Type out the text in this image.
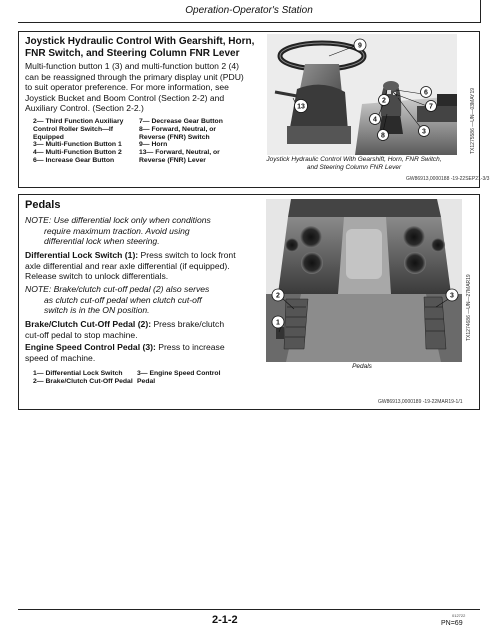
Operation-Operator's Station
Joystick Hydraulic Control With Gearshift, Horn,
FNR Switch, and Steering Column FNR Lever
Multi-function button 1 (3) and multi-function button 2 (4)
can be reassigned through the primary display unit (PDU)
to suit operator preference. For more information, see
Joystick Bucket and Boom Control (Section 2-2) and
Auxiliary Control. (Section 2-2.)
2— Third Function Auxiliary
Control Roller Switch—If
Equipped
3— Multi-Function Button 1
4— Multi-Function Button 2
6— Increase Gear Button
7— Decrease Gear Button
8— Forward, Neutral, or
Reverse (FNR) Switch
9— Horn
13— Forward, Neutral, or
Reverse (FNR) Lever
9
2
6
13	7
4
3
8	TX1275586 —UN—03MAY19
Joystick Hydraulic Control With Gearshift, Horn, FNR Switch,
and Steering Column FNR Lever
GW86913,0000188 -19-22SEP21-3/3
Pedals
NOTE: Use differential lock only when conditions
require maximum traction. Avoid using
differential lock when steering.
Differential Lock Switch (1): Press switch to lock front
axle differential and rear axle differential (if equipped).
Release switch to unlock differentials.
NOTE: Brake/clutch cut-off pedal (2) also serves
as clutch cut-off pedal when clutch cut-off
switch is in the ON position.
Brake/Clutch Cut-Off Pedal (2): Press brake/clutch
cut-off pedal to stop machine.
Engine Speed Control Pedal (3): Press to increase
speed of machine.
1— Differential Lock Switch
2— Brake/Clutch Cut-Off Pedal
3— Engine Speed Control
Pedal
2	3
1	TX1274686 —UN—27MAR19
Pedals
GW86913,0000189 -19-22MAR19-1/1
2-1-2	012722
PN=69
